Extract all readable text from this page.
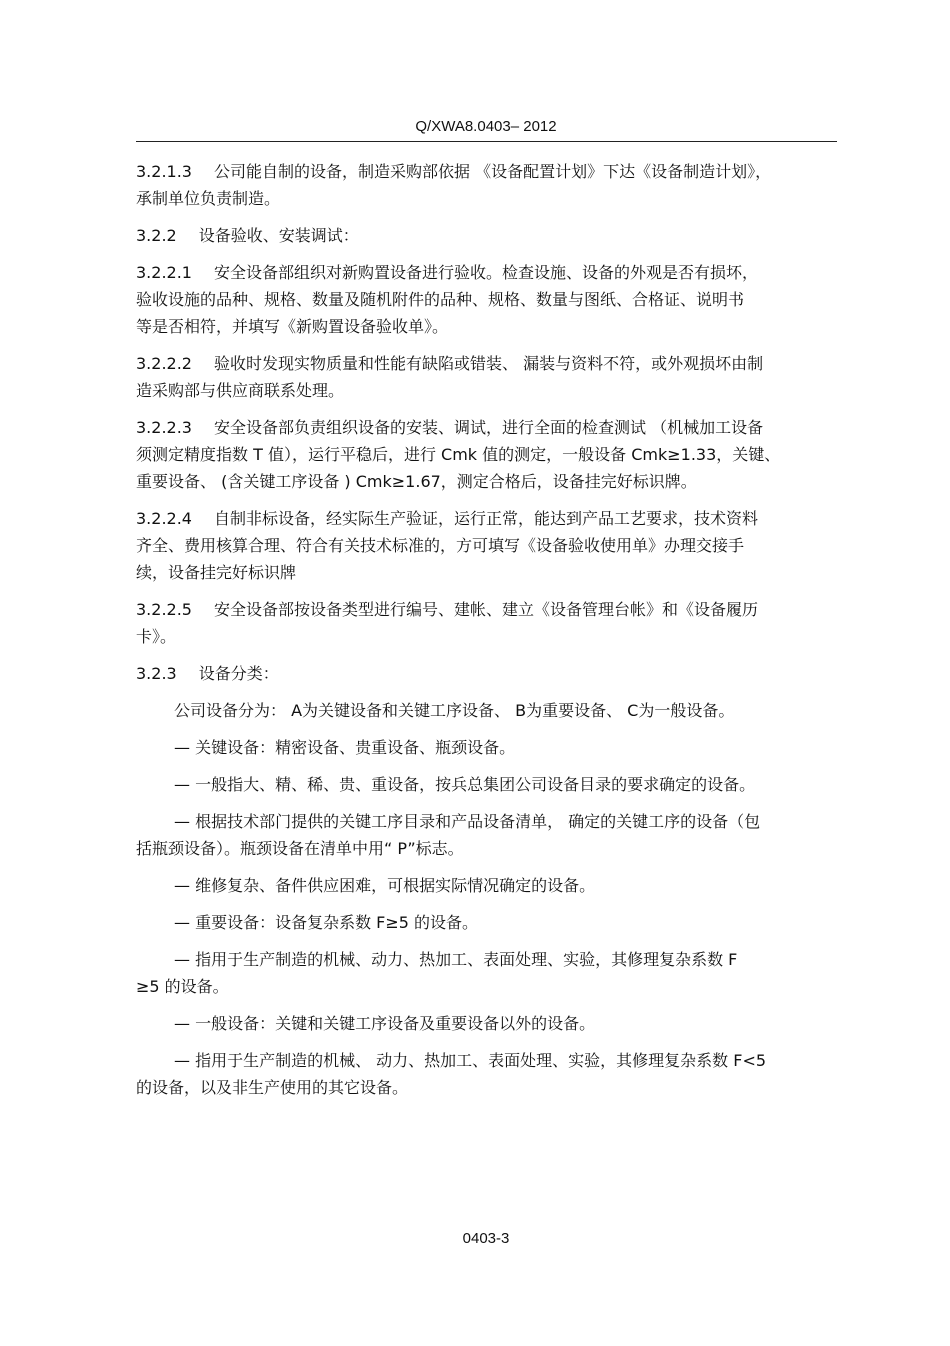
Q/XWA8.0403– 2012
3.2.1.3 公司能自制的设备，制造采购部依据 《设备配置计划》下达《设备制造计划》，
承制单位负责制造。
3.2.2 设备验收、安装调试：
3.2.2.1 安全设备部组织对新购置设备进行验收。检查设施、设备的外观是否有损坏，
验收设施的品种、规格、数量及随机附件的品种、规格、数量与图纸、合格证、说明书
等是否相符，并填写《新购置设备验收单》。
3.2.2.2 验收时发现实物质量和性能有缺陷或错装、 漏装与资料不符，或外观损坏由制
造采购部与供应商联系处理。
3.2.2.3 安全设备部负责组织设备的安装、调试，进行全面的检查测试 （机械加工设备
须测定精度指数 T 值），运行平稳后，进行 Cmk 值的测定，一般设备 Cmk≥1.33，关键、
重要设备、 (含关键工序设备 ) Cmk≥1.67，测定合格后，设备挂完好标识牌。
3.2.2.4 自制非标设备，经实际生产验证，运行正常，能达到产品工艺要求，技术资料
齐全、费用核算合理、符合有关技术标准的，方可填写《设备验收使用单》办理交接手
续，设备挂完好标识牌
3.2.2.5 安全设备部按设备类型进行编号、建帐、建立《设备管理台帐》和《设备履历
卡》。
3.2.3 设备分类：
公司设备分为： A为关键设备和关键工序设备、 B为重要设备、 C为一般设备。
— 关键设备：精密设备、贵重设备、瓶颈设备。
— 一般指大、精、稀、贵、重设备，按兵总集团公司设备目录的要求确定的设备。
— 根据技术部门提供的关键工序目录和产品设备清单， 确定的关键工序的设备（包
括瓶颈设备）。瓶颈设备在清单中用“ P”标志。
— 维修复杂、备件供应困难，可根据实际情况确定的设备。
— 重要设备：设备复杂系数 F≥5 的设备。
— 指用于生产制造的机械、动力、热加工、表面处理、实验，其修理复杂系数 F
≥5 的设备。
— 一般设备：关键和关键工序设备及重要设备以外的设备。
— 指用于生产制造的机械、 动力、热加工、表面处理、实验，其修理复杂系数 F<5
的设备，以及非生产使用的其它设备。
0403-3
